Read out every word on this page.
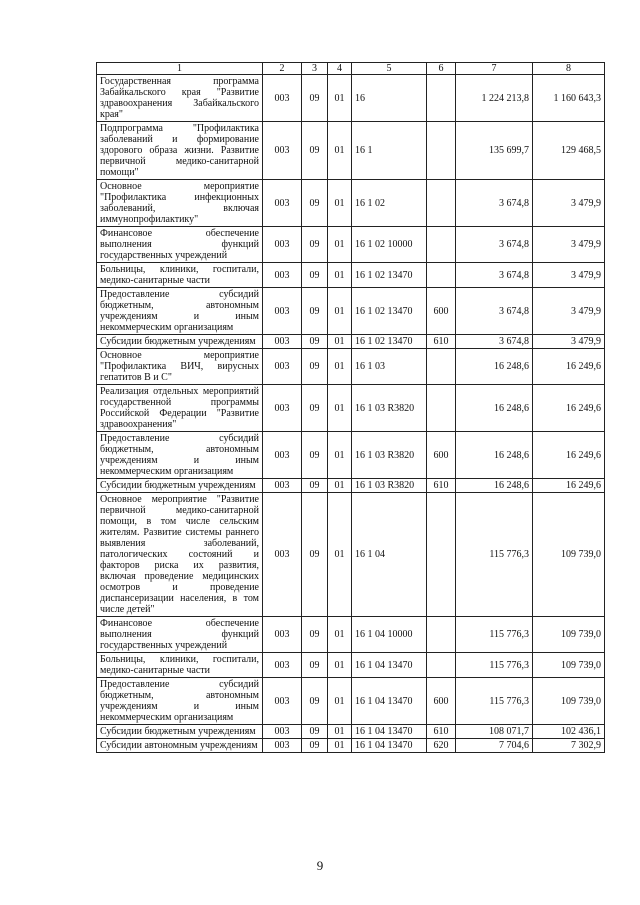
1	2	3	4	5	6	7	8
Государственная программа Забайкальского края "Развитие здравоохранения Забайкальского края"	003	09	01	16		1 224 213,8	1 160 643,3
Подпрограмма "Профилактика заболеваний и формирование здорового образа жизни. Развитие первичной медико-санитарной помощи"	003	09	01	16 1		135 699,7	129 468,5
Основное мероприятие "Профилактика инфекционных заболеваний, включая иммунопрофилактику"	003	09	01	16 1 02		3 674,8	3 479,9
Финансовое обеспечение выполнения функций государственных учреждений	003	09	01	16 1 02 10000		3 674,8	3 479,9
Больницы, клиники, госпитали, медико-санитарные части	003	09	01	16 1 02 13470		3 674,8	3 479,9
Предоставление субсидий бюджетным, автономным учреждениям и иным некоммерческим организациям	003	09	01	16 1 02 13470	600	3 674,8	3 479,9
Субсидии бюджетным учреждениям	003	09	01	16 1 02 13470	610	3 674,8	3 479,9
Основное мероприятие "Профилактика ВИЧ, вирусных гепатитов В и С"	003	09	01	16 1 03		16 248,6	16 249,6
Реализация отдельных мероприятий государственной программы Российской Федерации "Развитие здравоохранения"	003	09	01	16 1 03 R3820		16 248,6	16 249,6
Предоставление субсидий бюджетным, автономным учреждениям и иным некоммерческим организациям	003	09	01	16 1 03 R3820	600	16 248,6	16 249,6
Субсидии бюджетным учреждениям	003	09	01	16 1 03 R3820	610	16 248,6	16 249,6
Основное мероприятие "Развитие первичной медико-санитарной помощи, в том числе сельским жителям. Развитие системы раннего выявления заболеваний, патологических состояний и факторов риска их развития, включая проведение медицинских осмотров и проведение диспансеризации населения, в том числе детей"	003	09	01	16 1 04		115 776,3	109 739,0
Финансовое обеспечение выполнения функций государственных учреждений	003	09	01	16 1 04 10000		115 776,3	109 739,0
Больницы, клиники, госпитали, медико-санитарные части	003	09	01	16 1 04 13470		115 776,3	109 739,0
Предоставление субсидий бюджетным, автономным учреждениям и иным некоммерческим организациям	003	09	01	16 1 04 13470	600	115 776,3	109 739,0
Субсидии бюджетным учреждениям	003	09	01	16 1 04 13470	610	108 071,7	102 436,1
Субсидии автономным учреждениям	003	09	01	16 1 04 13470	620	7 704,6	7 302,9
9
